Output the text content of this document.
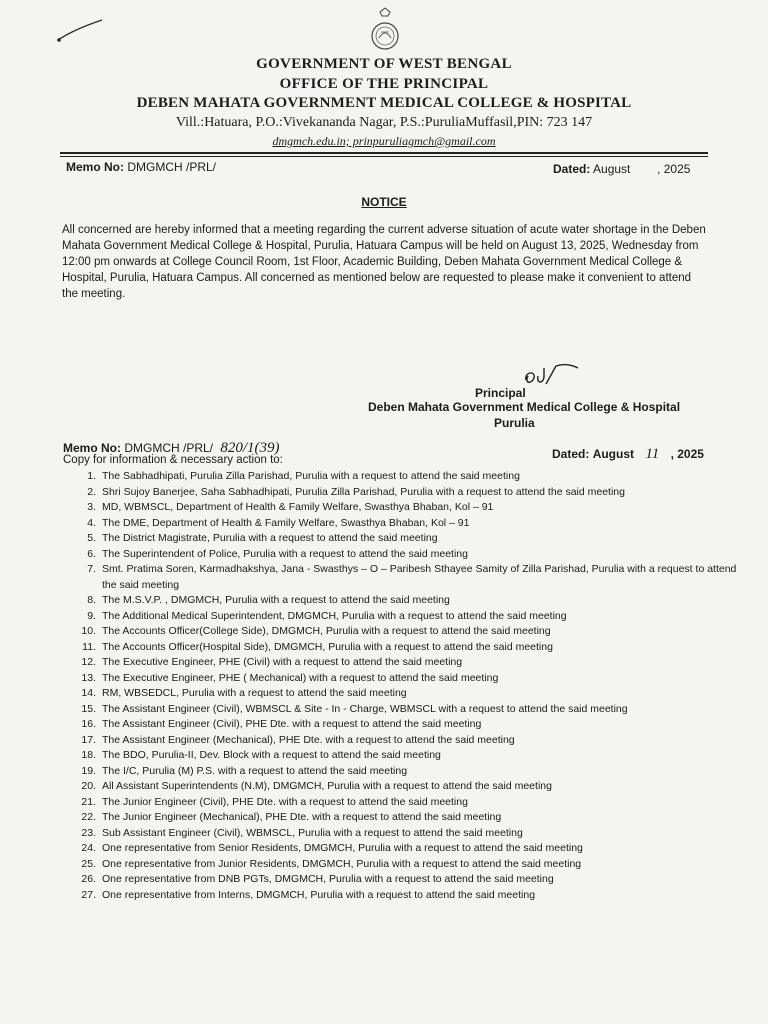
GOVERNMENT OF WEST BENGAL
OFFICE OF THE PRINCIPAL
DEBEN MAHATA GOVERNMENT MEDICAL COLLEGE & HOSPITAL
Vill.:Hatuara, P.O.:Vivekananda Nagar, P.S.:PuruliaMuffasil,PIN: 723 147
dmgmch.edu.in; prinpuruliagmch@gmail.com
Memo No: DMGMCH /PRL/	Dated: August        , 2025
NOTICE
All concerned are hereby informed that a meeting regarding the current adverse situation of acute water shortage in the Deben Mahata Government Medical College & Hospital, Purulia, Hatuara Campus will be held on August 13, 2025, Wednesday from 12:00 pm onwards at College Council Room, 1st Floor, Academic Building, Deben Mahata Government Medical College & Hospital, Purulia, Hatuara Campus. All concerned as mentioned below are requested to please make it convenient to attend the meeting.
Principal
Deben Mahata Government Medical College & Hospital
Purulia
Memo No: DMGMCH /PRL/ 820/1(39)	Dated: August 11 , 2025
Copy for information & necessary action to:
1. The Sabhadhipati, Purulia Zilla Parishad, Purulia with a request to attend the said meeting
2. Shri Sujoy Banerjee, Saha Sabhadhipati, Purulia Zilla Parishad, Purulia with a request to attend the said meeting
3. MD, WBMSCL, Department of Health & Family Welfare, Swasthya Bhaban, Kol – 91
4. The DME, Department of Health & Family Welfare, Swasthya Bhaban, Kol – 91
5. The District Magistrate, Purulia with a request to attend the said meeting
6. The Superintendent of Police, Purulia with a request to attend the said meeting
7. Smt. Pratima Soren, Karmadhakshya, Jana - Swasthys – O – Paribesh Sthayee Samity of Zilla Parishad, Purulia with a request to attend the said meeting
8. The M.S.V.P. , DMGMCH, Purulia with a request to attend the said meeting
9. The Additional Medical Superintendent, DMGMCH, Purulia with a request to attend the said meeting
10. The Accounts Officer(College Side), DMGMCH, Purulia with a request to attend the said meeting
11. The Accounts Officer(Hospital Side), DMGMCH, Purulia with a request to attend the said meeting
12. The Executive Engineer, PHE (Civil) with a request to attend the said meeting
13. The Executive Engineer, PHE ( Mechanical) with a request to attend the said meeting
14. RM, WBSEDCL, Purulia with a request to attend the said meeting
15. The Assistant Engineer (Civil), WBMSCL & Site - In - Charge, WBMSCL with a request to attend the said meeting
16. The Assistant Engineer (Civil), PHE Dte. with a request to attend the said meeting
17. The Assistant Engineer (Mechanical), PHE Dte. with a request to attend the said meeting
18. The BDO, Purulia-II, Dev. Block with a request to attend the said meeting
19. The I/C, Purulia (M) P.S. with a request to attend the said meeting
20. All Assistant Superintendents (N.M), DMGMCH, Purulia with a request to attend the said meeting
21. The Junior Engineer (Civil), PHE Dte. with a request to attend the said meeting
22. The Junior Engineer (Mechanical), PHE Dte. with a request to attend the said meeting
23. Sub Assistant Engineer (Civil), WBMSCL, Purulia with a request to attend the said meeting
24. One representative from Senior Residents, DMGMCH, Purulia with a request to attend the said meeting
25. One representative from Junior Residents, DMGMCH, Purulia with a request to attend the said meeting
26. One representative from DNB PGTs, DMGMCH, Purulia with a request to attend the said meeting
27. One representative from Interns, DMGMCH, Purulia with a request to attend the said meeting
